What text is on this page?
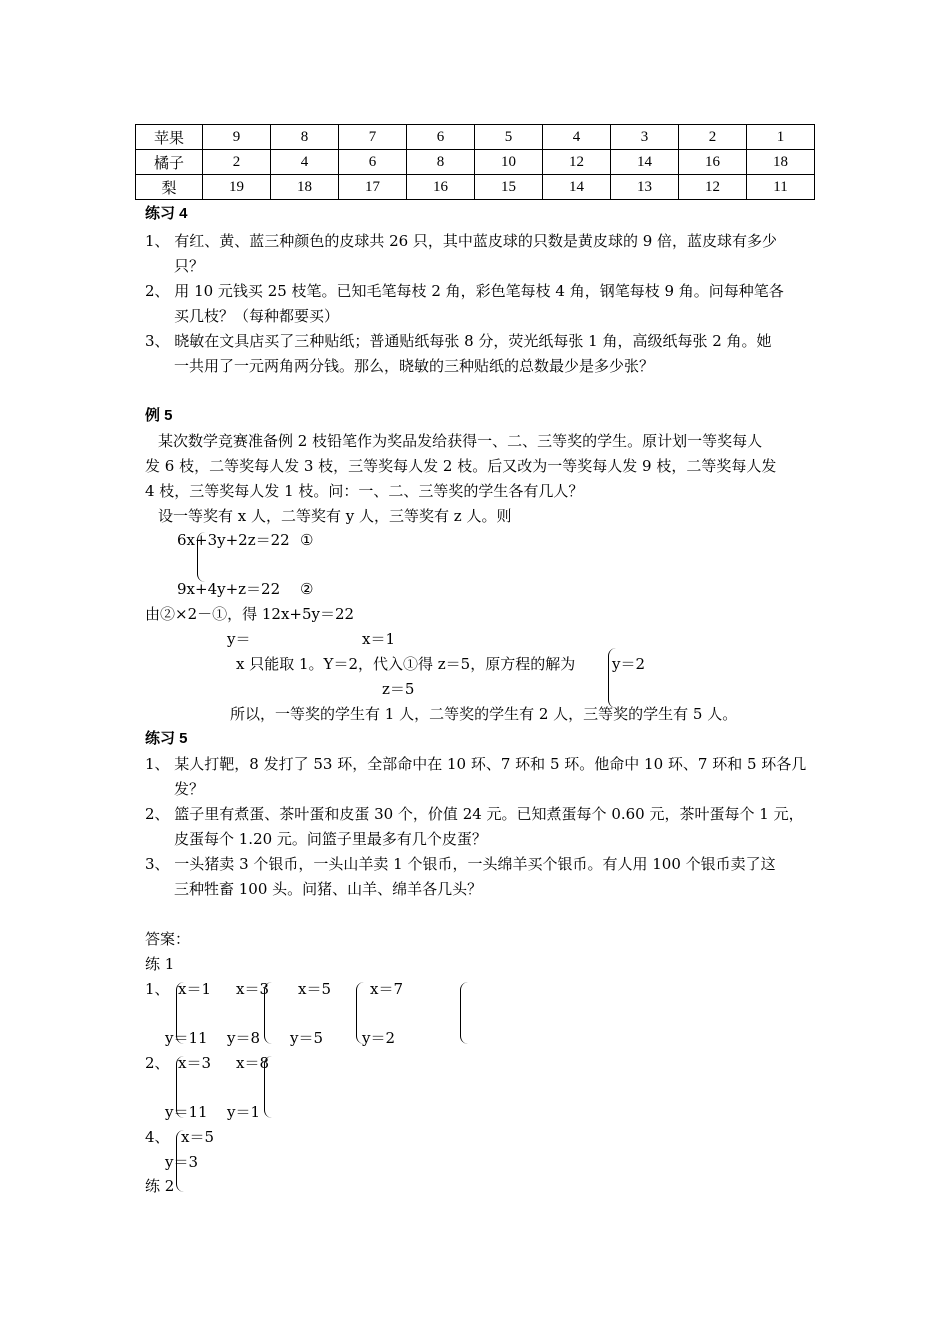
苹果	9	8	7	6	5	4	3	2	1
橘子	2	4	6	8	10	12	14	16	18
梨	19	18	17	16	15	14	13	12	11
练习 4
1、 有红、黄、蓝三种颜色的皮球共 26 只，其中蓝皮球的只数是黄皮球的 9 倍，蓝皮球有多少
只？
2、 用 10 元钱买 25 枝笔。已知毛笔每枝 2 角，彩色笔每枝 4 角，钢笔每枝 9 角。问每种笔各
买几枝？（每种都要买）
3、 晓敏在文具店买了三种贴纸；普通贴纸每张 8 分，荧光纸每张 1 角，高级纸每张 2 角。她
一共用了一元两角两分钱。那么，晓敏的三种贴纸的总数最少是多少张？
例 5
某次数学竞赛准备例 2 枝铅笔作为奖品发给获得一、二、三等奖的学生。原计划一等奖每人
发 6 枝，二等奖每人发 3 枝，三等奖每人发 2 枝。后又改为一等奖每人发 9 枝，二等奖每人发
4 枝，三等奖每人发 1 枝。问：一、二、三等奖的学生各有几人？
设一等奖有 x 人，二等奖有 y 人，三等奖有 z 人。则
6x+3y+2z＝22 ①
9x+4y+z＝22 ②
由②×2－①，得 12x+5y＝22
y＝	x＝1
x 只能取 1。Y＝2，代入①得 z＝5，原方程的解为 y＝2
z＝5
所以，一等奖的学生有 1 人，二等奖的学生有 2 人，三等奖的学生有 5 人。
练习 5
1、 某人打靶，8 发打了 53 环，全部命中在 10 环、7 环和 5 环。他命中 10 环、7 环和 5 环各几
发？
2、 篮子里有煮蛋、茶叶蛋和皮蛋 30 个，价值 24 元。已知煮蛋每个 0.60 元，茶叶蛋每个 1 元，
皮蛋每个 1.20 元。问篮子里最多有几个皮蛋？
3、 一头猪卖 3 个银币，一头山羊卖 1 个银币，一头绵羊买个银币。有人用 100 个银币卖了这
三种牲畜 100 头。问猪、山羊、绵羊各几头？
答案：
练 1
1、 x＝1 x＝3 x＝5	x＝7
y＝11 y＝8 y＝5	y＝2
2、 x＝3 x＝8
y＝11 y＝1
4、 x＝5
y＝3
练 2
